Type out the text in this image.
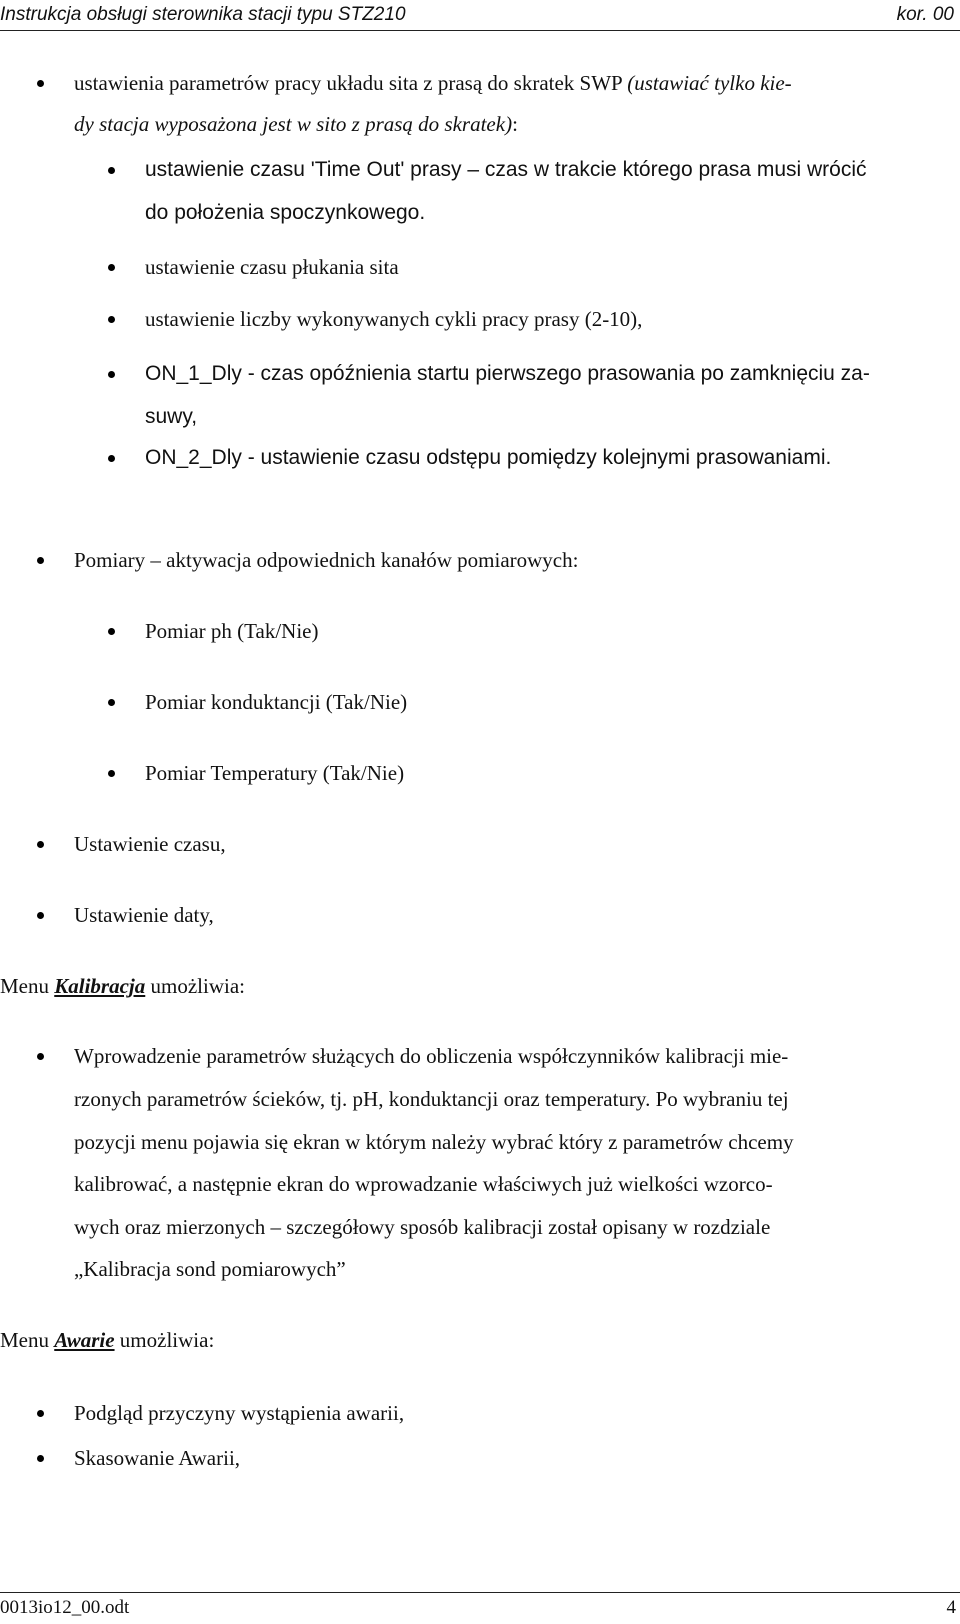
Instrukcja obsługi sterownika stacji typu STZ210	kor. 00
ustawienia parametrów pracy układu sita z prasą do skratek SWP (ustawiać tylko kie-
dy stacja wyposażona jest w sito z prasą do skratek):
ustawienie czasu 'Time Out' prasy – czas w trakcie którego prasa musi wrócić
do położenia spoczynkowego.
ustawienie czasu płukania sita
ustawienie liczby wykonywanych cykli pracy prasy (2-10),
ON_1_Dly - czas opóźnienia startu pierwszego prasowania po zamknięciu za-
suwy,
ON_2_Dly - ustawienie czasu odstępu pomiędzy kolejnymi prasowaniami.
Pomiary – aktywacja odpowiednich kanałów pomiarowych:
Pomiar ph (Tak/Nie)
Pomiar konduktancji (Tak/Nie)
Pomiar Temperatury (Tak/Nie)
Ustawienie czasu,
Ustawienie daty,
Menu Kalibracja umożliwia:
Wprowadzenie parametrów służących do obliczenia współczynników kalibracji mie-
rzonych parametrów ścieków, tj. pH, konduktancji oraz temperatury. Po wybraniu tej
pozycji menu pojawia się ekran w którym należy wybrać który z parametrów chcemy
kalibrować, a następnie ekran do wprowadzanie właściwych już wielkości wzorco-
wych oraz mierzonych – szczegółowy sposób kalibracji został opisany w rozdziale
„Kalibracja sond pomiarowych”
Menu Awarie umożliwia:
Podgląd przyczyny wystąpienia awarii,
Skasowanie Awarii,
0013io12_00.odt	4
